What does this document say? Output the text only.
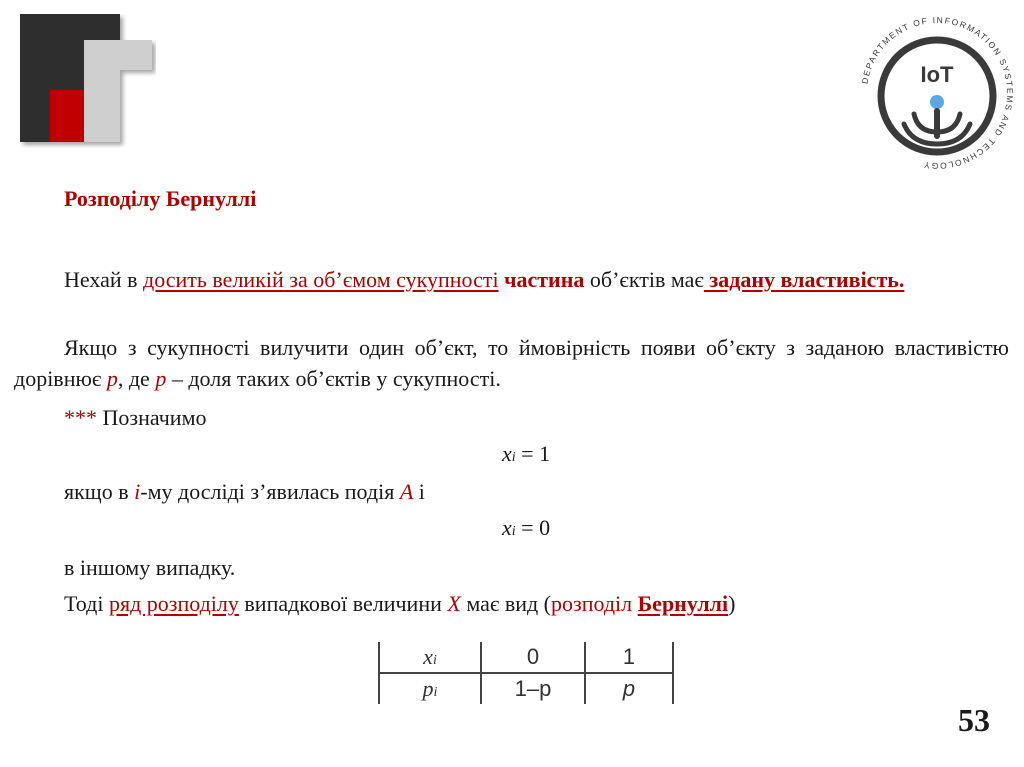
DEPARTMENT OF INFORMATION SYSTEMS AND TECHNOLOGY
IoT
Розподілу Бернуллі
Нехай в досить великій за об’ємом сукупності частина об’єктів має задану властивість.
Якщо з сукупності вилучити один об’єкт, то ймовірність появи об’єкту з заданою властивістю дорівнює р, де р – доля таких об’єктів у сукупності.
*** Позначимо
xi = 1
якщо в і-му досліді з’явилась подія А і
xi = 0
в іншому випадку.
Тоді ряд розподілу випадкової величини Х має вид (розподіл Бернуллі)
xi	0	1
pi	1–p	p
53
